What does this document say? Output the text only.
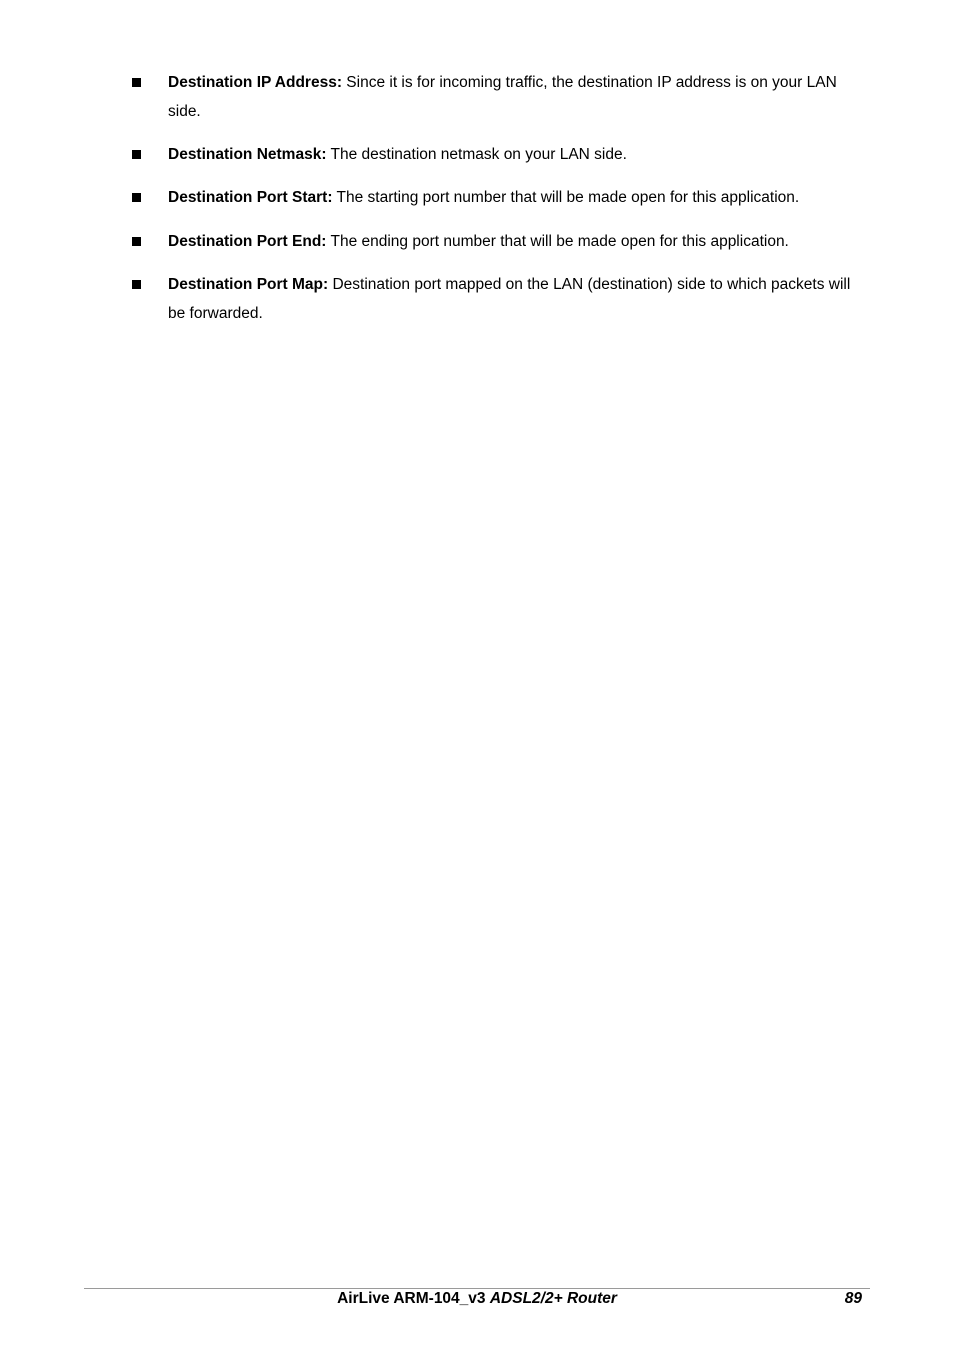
Destination IP Address: Since it is for incoming traffic, the destination IP address is on your LAN side.
Destination Netmask: The destination netmask on your LAN side.
Destination Port Start: The starting port number that will be made open for this application.
Destination Port End: The ending port number that will be made open for this application.
Destination Port Map: Destination port mapped on the LAN (destination) side to which packets will be forwarded.
AirLive ARM-104_v3 ADSL2/2+ Router	89
